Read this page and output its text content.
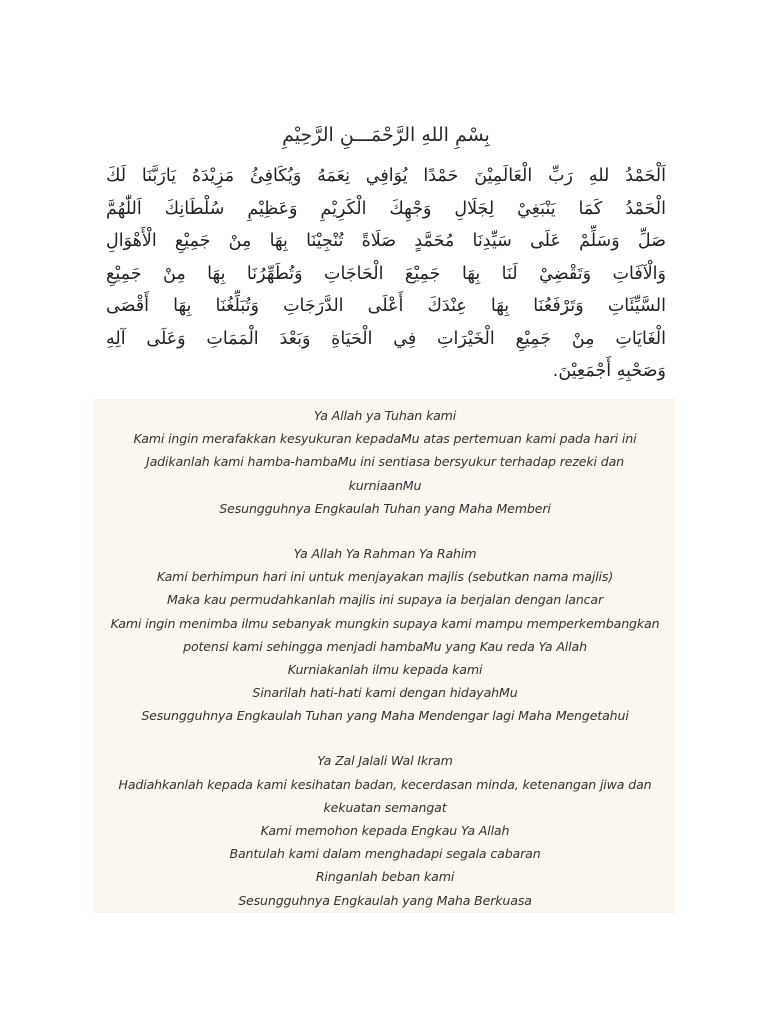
بِسْمِ اللهِ الرَّحْمَـــنِ الرَّحِيْمِ
اَلْحَمْدُ للهِ رَبِّ الْعَالَمِيْنَ حَمْدًا يُوَافِي نِعَمَهُ وَيُكَافِئُ مَزِيْدَهُ يَارَبَّنَا لَكَ
الْحَمْدُ كَمَا يَنْبَغِيْ لِجَلَالِ وَجْهِكَ الْكَرِيْمِ وَعَظِيْمِ سُلْطَانِكَ اَللّٰهُمَّ
صَلِّ وَسَلِّمْ عَلَى سَيِّدِنَا مُحَمَّدٍ صَلَاةً تُنْجِيْنَا بِهَا مِنْ جَمِيْعِ الْأَهْوَالِ
وَالْآفَاتِ وَتَقْضِيْ لَنَا بِهَا جَمِيْعَ الْحَاجَاتِ وَتُطَهِّرُنَا بِهَا مِنْ جَمِيْعِ
السَّيِّئَاتِ وَتَرْفَعُنَا بِهَا عِنْدَكَ أَعْلَى الدَّرَجَاتِ وَتُبَلِّغُنَا بِهَا أَقْصَى
الْغَايَاتِ مِنْ جَمِيْعِ الْخَيْرَاتِ فِي الْحَيَاةِ وَبَعْدَ الْمَمَاتِ وَعَلَى آلِهِ
وَصَحْبِهِ أَجْمَعِيْنَ.
Ya Allah ya Tuhan kami
Kami ingin merafakkan kesyukuran kepadaMu atas pertemuan kami pada hari ini
Jadikanlah kami hamba-hambaMu ini sentiasa bersyukur terhadap rezeki dan
kurniaanMu
Sesungguhnya Engkaulah Tuhan yang Maha Memberi
Ya Allah Ya Rahman Ya Rahim
Kami berhimpun hari ini untuk menjayakan majlis (sebutkan nama majlis)
Maka kau permudahkanlah majlis ini supaya ia berjalan dengan lancar
Kami ingin menimba ilmu sebanyak mungkin supaya kami mampu memperkembangkan
potensi kami sehingga menjadi hambaMu yang Kau reda Ya Allah
Kurniakanlah ilmu kepada kami
Sinarilah hati-hati kami dengan hidayahMu
Sesungguhnya Engkaulah Tuhan yang Maha Mendengar lagi Maha Mengetahui
Ya Zal Jalali Wal Ikram
Hadiahkanlah kepada kami kesihatan badan, kecerdasan minda, ketenangan jiwa dan
kekuatan semangat
Kami memohon kepada Engkau Ya Allah
Bantulah kami dalam menghadapi segala cabaran
Ringanlah beban kami
Sesungguhnya Engkaulah yang Maha Berkuasa
